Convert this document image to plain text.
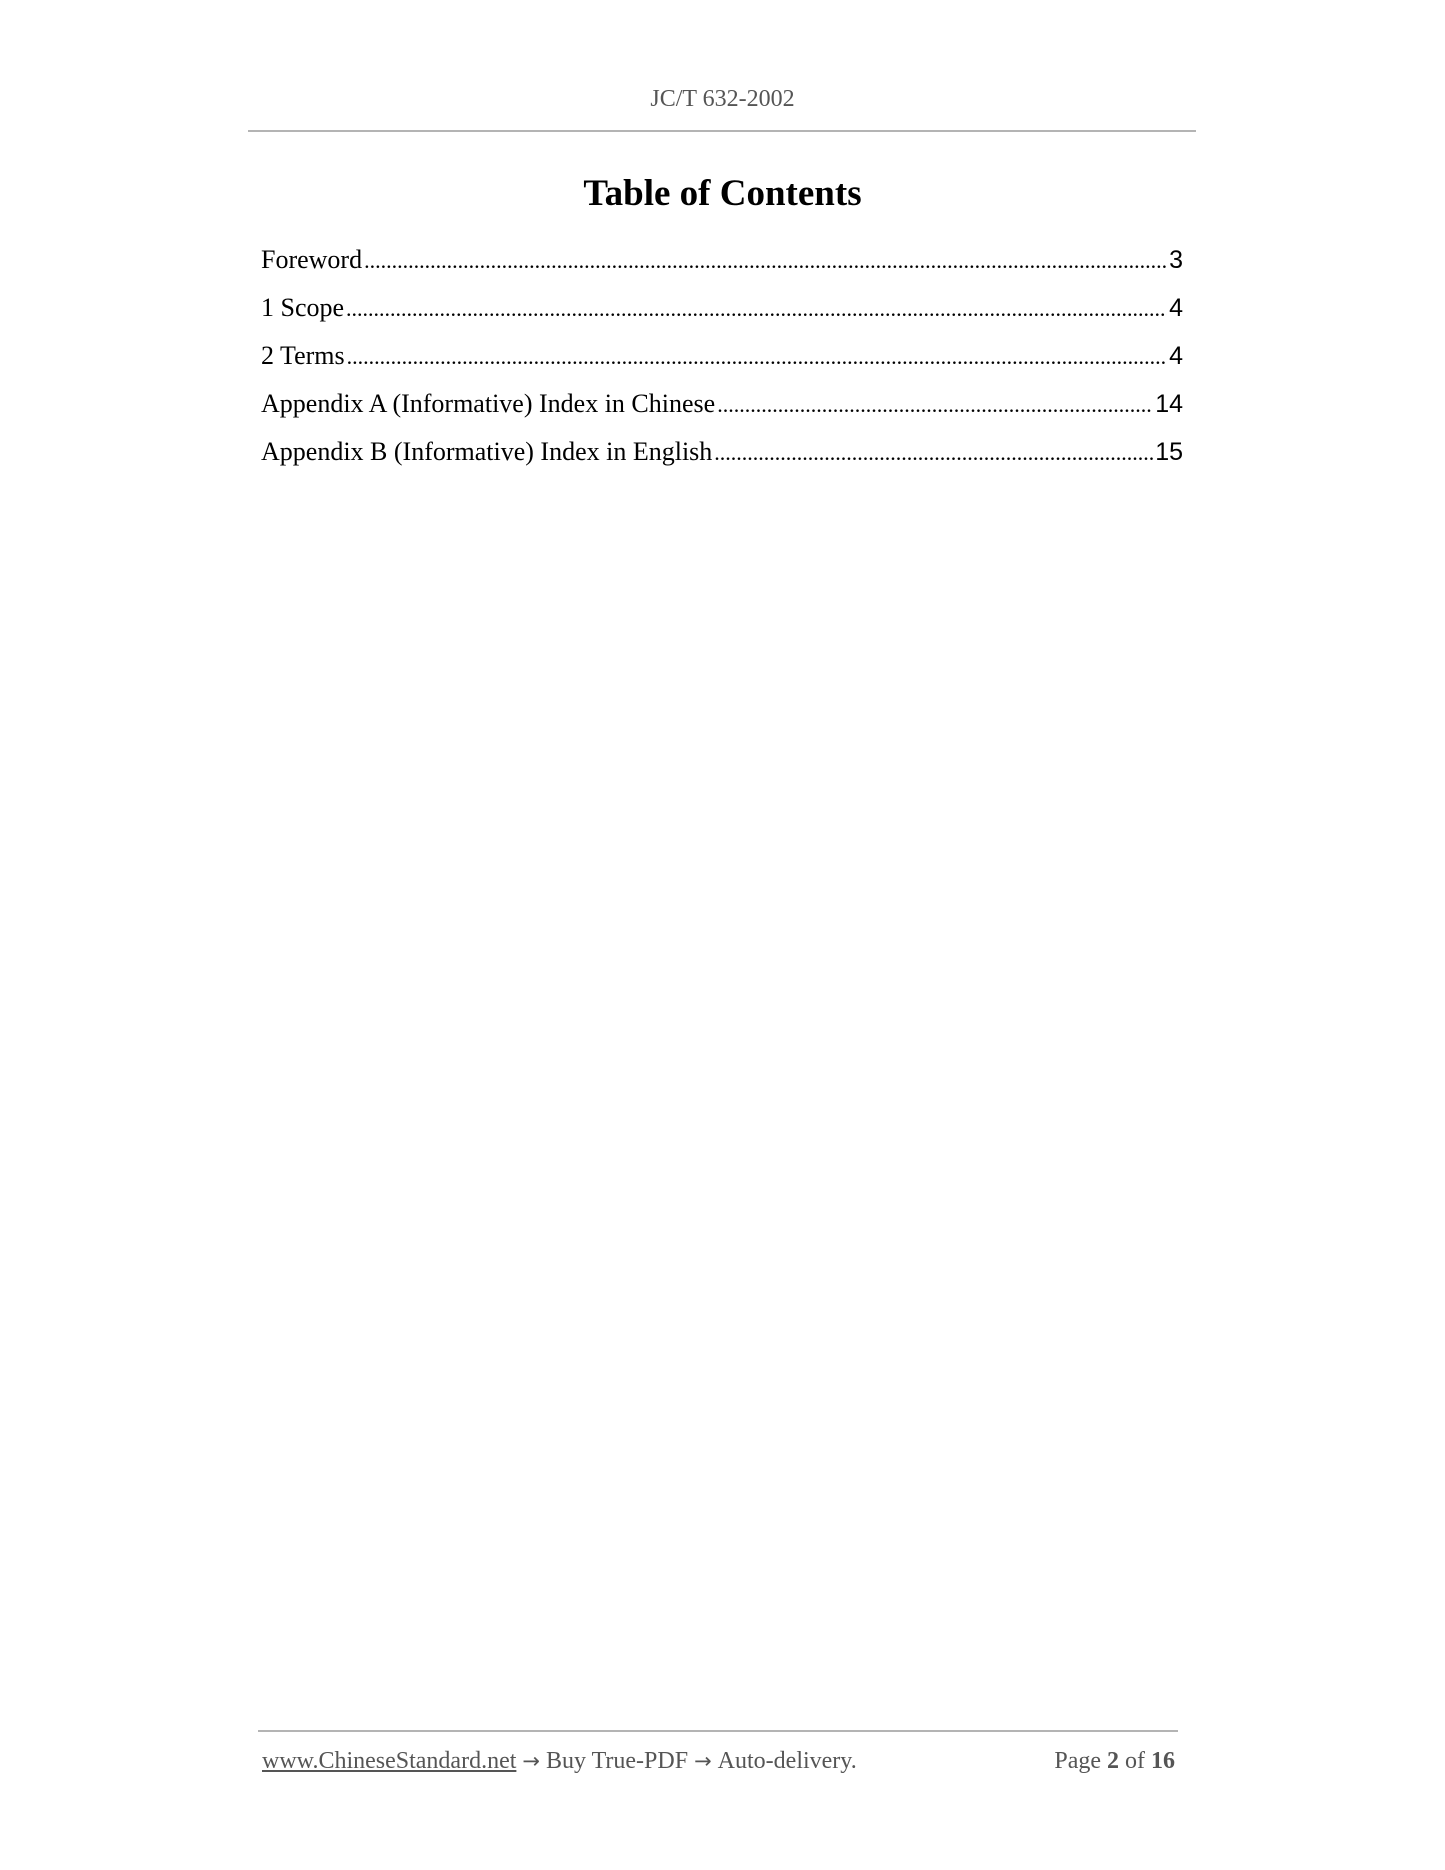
JC/T 632-2002
Table of Contents
Foreword .....	3
1 Scope .....	4
2 Terms .....	4
Appendix A (Informative) Index in Chinese .....	14
Appendix B (Informative) Index in English .....	15
www.ChineseStandard.net → Buy True-PDF → Auto-delivery.	Page 2 of 16
